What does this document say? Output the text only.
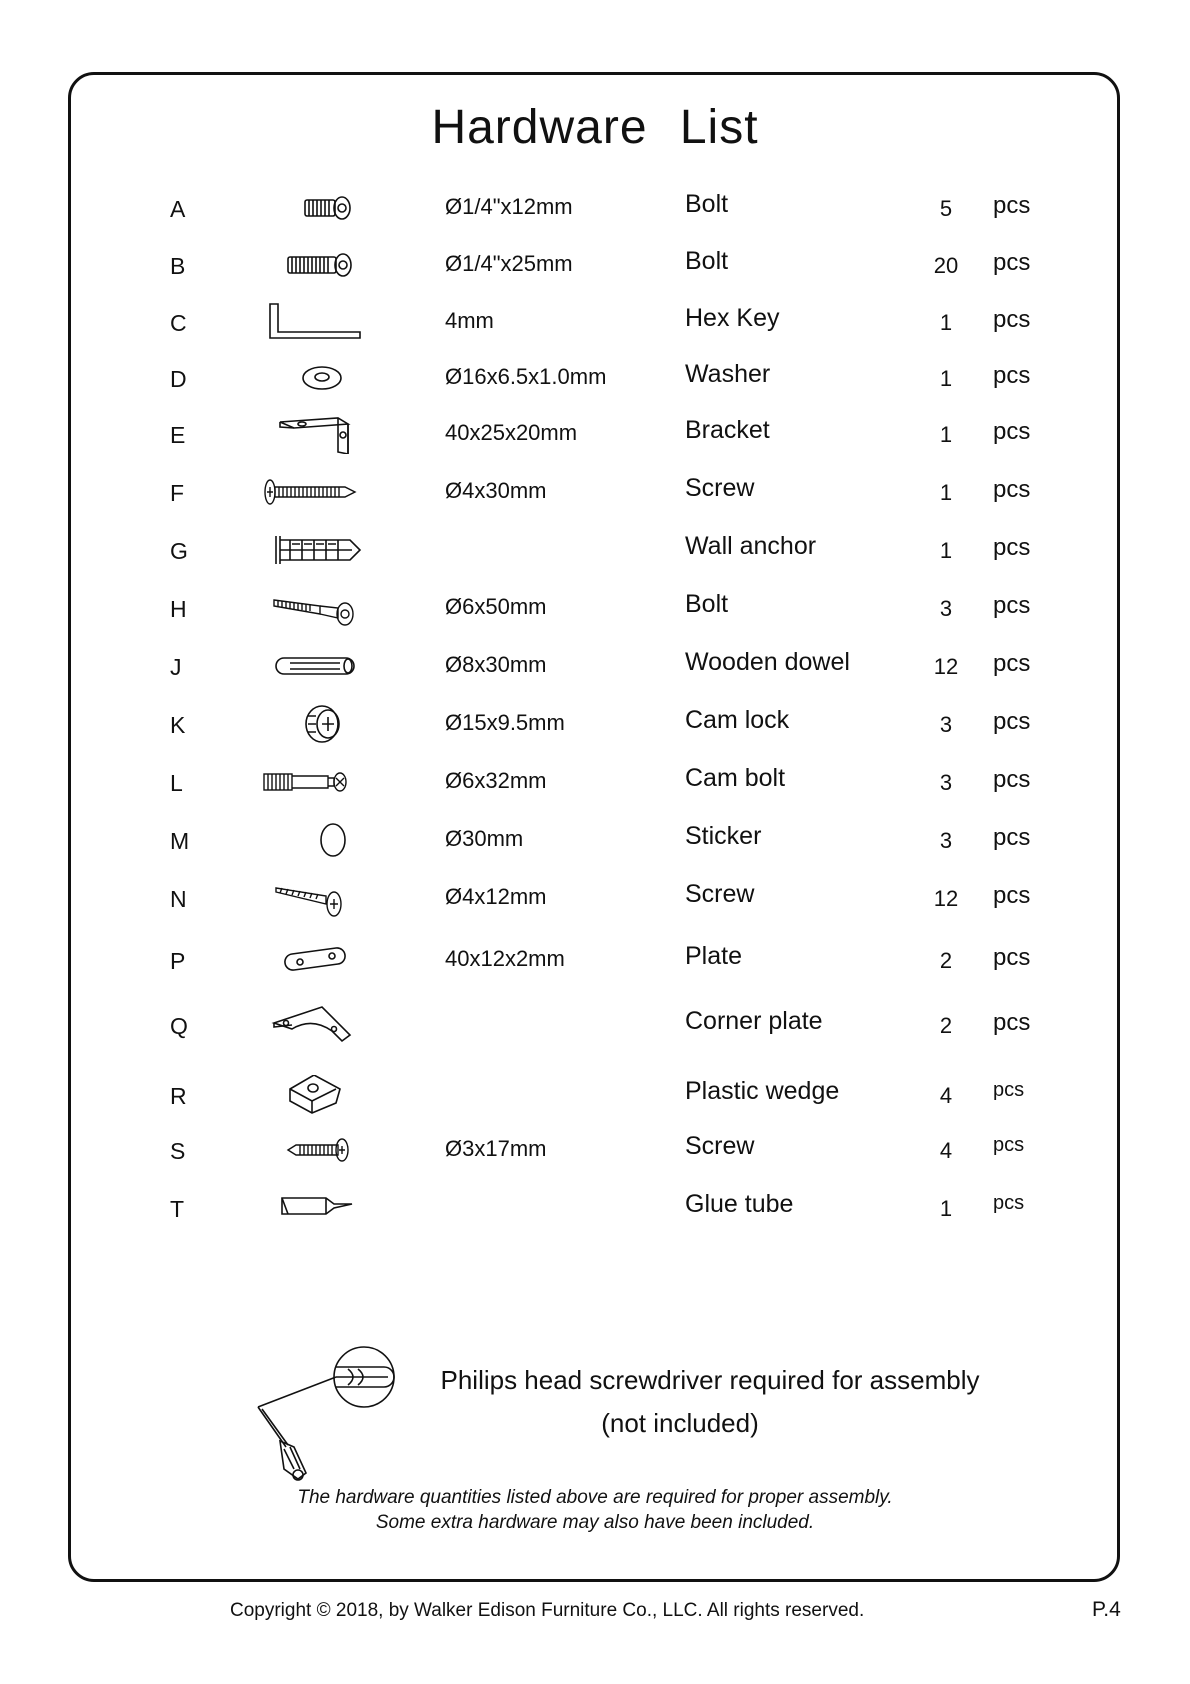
Hardware List
A	Ø1/4"x12mm	Bolt	5	pcs
B	Ø1/4"x25mm	Bolt	20	pcs
C	4mm	Hex Key	1	pcs
D	Ø16x6.5x1.0mm	Washer	1	pcs
E	40x25x20mm	Bracket	1	pcs
F	Ø4x30mm	Screw	1	pcs
G	Wall anchor	1	pcs
H	Ø6x50mm	Bolt	3	pcs
J	Ø8x30mm	Wooden dowel	12	pcs
K	Ø15x9.5mm	Cam lock	3	pcs
L	Ø6x32mm	Cam bolt	3	pcs
M	Ø30mm	Sticker	3	pcs
N	Ø4x12mm	Screw	12	pcs
P	40x12x2mm	Plate	2	pcs
Q	Corner plate	2	pcs
R	Plastic wedge	4	pcs
S	Ø3x17mm	Screw	4	pcs
T	Glue tube	1	pcs
Philips head screwdriver required for assembly
(not included)
The hardware quantities listed above are required for proper assembly.
Some extra hardware may also have been included.
Copyright © 2018, by Walker Edison Furniture Co., LLC. All rights reserved.	P.4
